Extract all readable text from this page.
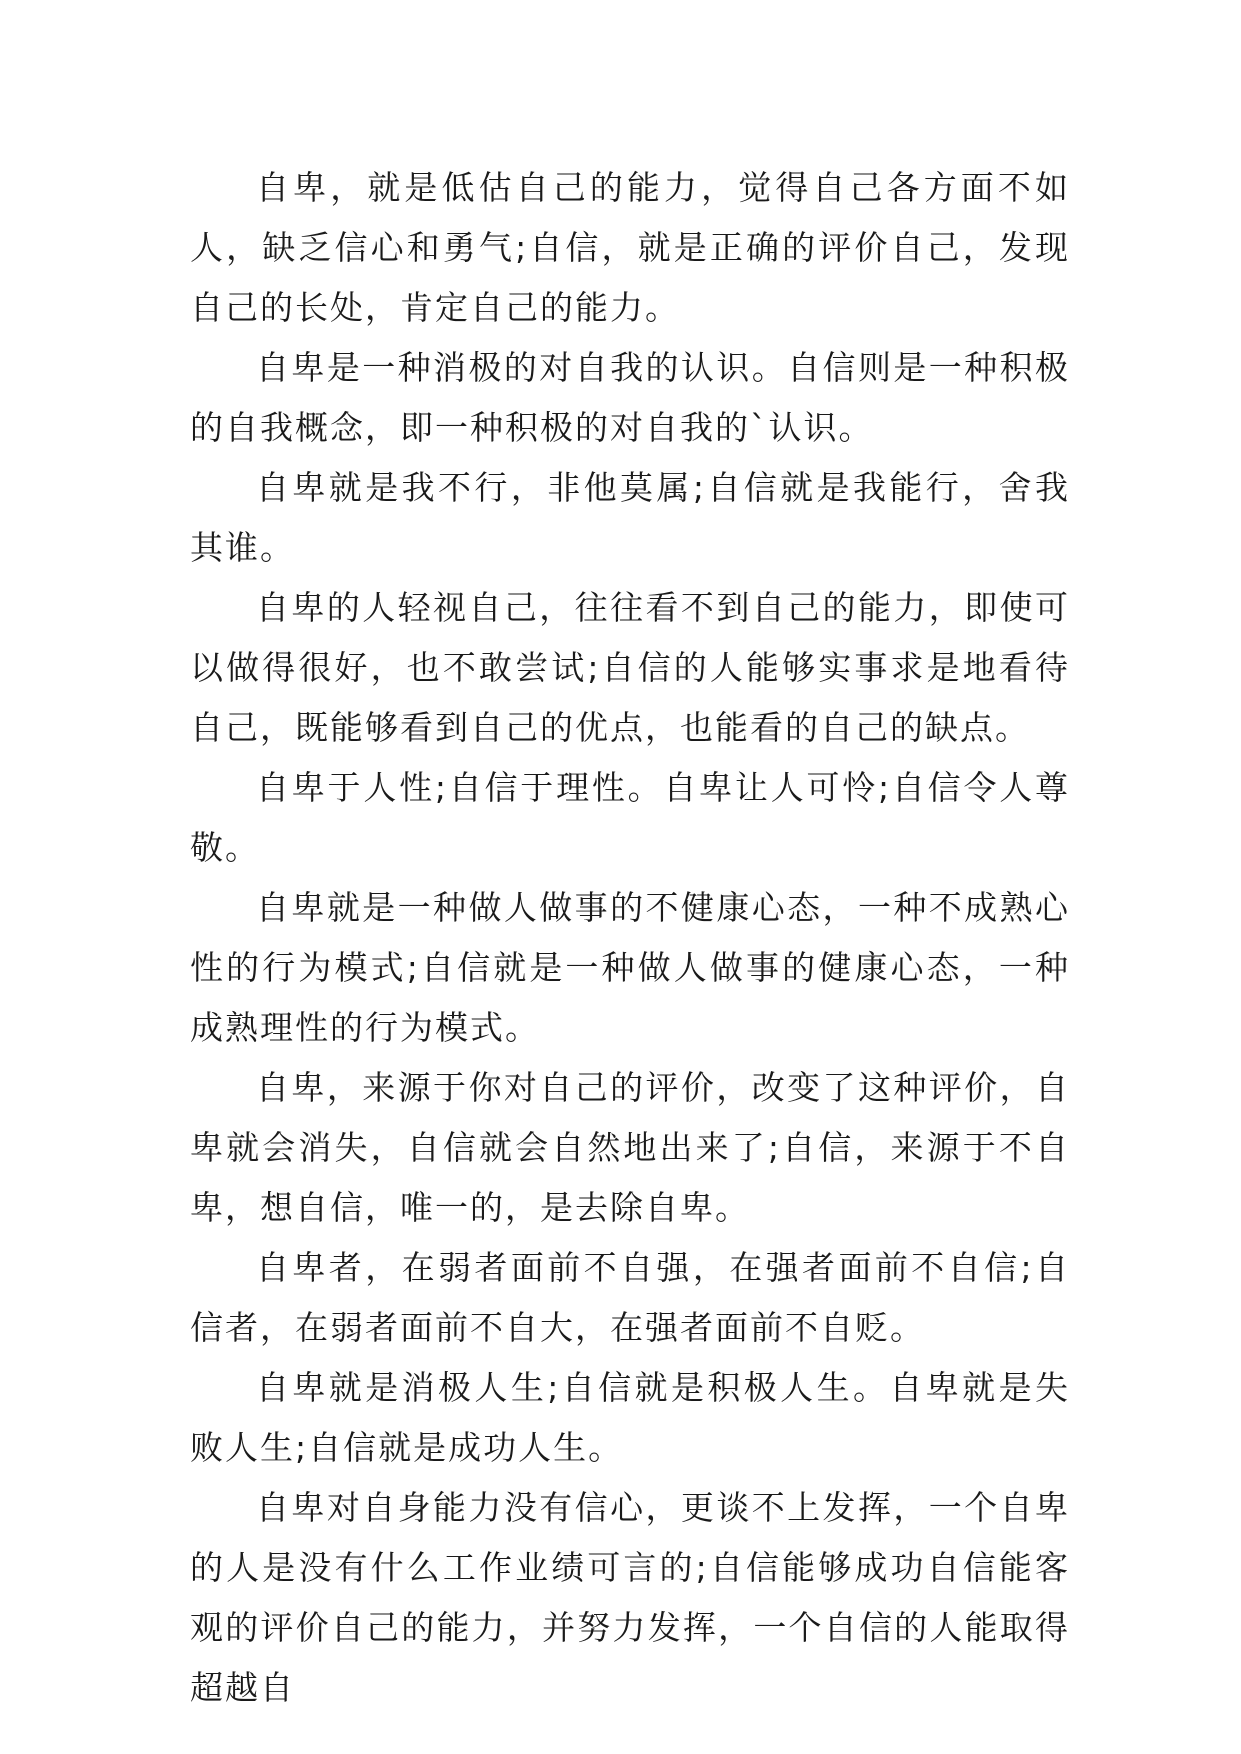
自卑，就是低估自己的能力，觉得自己各方面不如人，缺乏信心和勇气;自信，就是正确的评价自己，发现自己的长处，肯定自己的能力。

自卑是一种消极的对自我的认识。自信则是一种积极的自我概念，即一种积极的对自我的`认识。

自卑就是我不行，非他莫属;自信就是我能行，舍我其谁。

自卑的人轻视自己，往往看不到自己的能力，即使可以做得很好，也不敢尝试;自信的人能够实事求是地看待自己，既能够看到自己的优点，也能看的自己的缺点。

自卑于人性;自信于理性。自卑让人可怜;自信令人尊敬。

自卑就是一种做人做事的不健康心态，一种不成熟心性的行为模式;自信就是一种做人做事的健康心态，一种成熟理性的行为模式。

自卑，来源于你对自己的评价，改变了这种评价，自卑就会消失，自信就会自然地出来了;自信，来源于不自卑，想自信，唯一的，是去除自卑。

自卑者，在弱者面前不自强，在强者面前不自信;自信者，在弱者面前不自大，在强者面前不自贬。

自卑就是消极人生;自信就是积极人生。自卑就是失败人生;自信就是成功人生。

自卑对自身能力没有信心，更谈不上发挥，一个自卑的人是没有什么工作业绩可言的;自信能够成功自信能客观的评价自己的能力，并努力发挥，一个自信的人能取得超越自
